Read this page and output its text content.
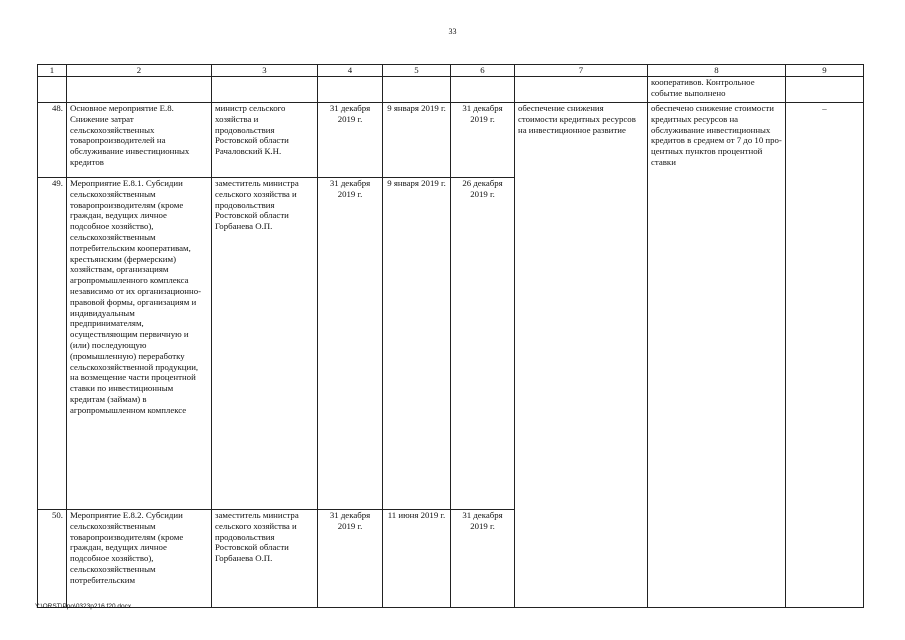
33
1	2	3	4	5	6	7	8	9
							кооперативов. Контрольное событие выполнено	
48.	Основное мероприятие Е.8. Снижение затрат сельскохозяйственных товаропроизводителей на обслуживание инвестиционных кредитов	министр сельского хозяйства и продовольствия Ростовской области Рачаловский К.Н.	31 декабря 2019 г.	9 января 2019 г.	31 декабря 2019 г.	обеспечение снижения стоимости кредитных ресурсов на инвестиционное развитие	обеспечено снижение стоимости кредитных ресурсов на обслуживание инвестиционных кредитов в среднем от 7 до 10 про-центных пунктов процентной ставки	–
49.	Мероприятие Е.8.1. Субсидии сельскохозяйственным товаропроизводителям (кроме граждан, ведущих личное подсобное хозяйство), сельскохозяйственным потребительским кооперативам, крестьянским (фермерским) хозяйствам, организациям агропромышленного комплекса независимо от их организационно-правовой формы, организациям и индивидуальным предпринимателям, осуществляющим первичную и (или) последующую (промышленную) переработку сельскохозяйственной продукции, на возмещение части процентной ставки по инвестиционным кредитам (займам) в агропромышленном комплексе	заместитель министра сельского хозяйства и продовольствия Ростовской области Горбанева О.П.	31 декабря 2019 г.	9 января 2019 г.	26 декабря 2019 г.			
50.	Мероприятие Е.8.2. Субсидии сельскохозяйственным товаропроизводителям (кроме граждан, ведущих личное подсобное хозяйство), сельскохозяйственным потребительским	заместитель министра сельского хозяйства и продовольствия Ростовской области Горбанева О.П.	31 декабря 2019 г.	11 июня 2019 г.	31 декабря 2019 г.			
Y:\ORST\Ppo\0323p216.f20.docx
